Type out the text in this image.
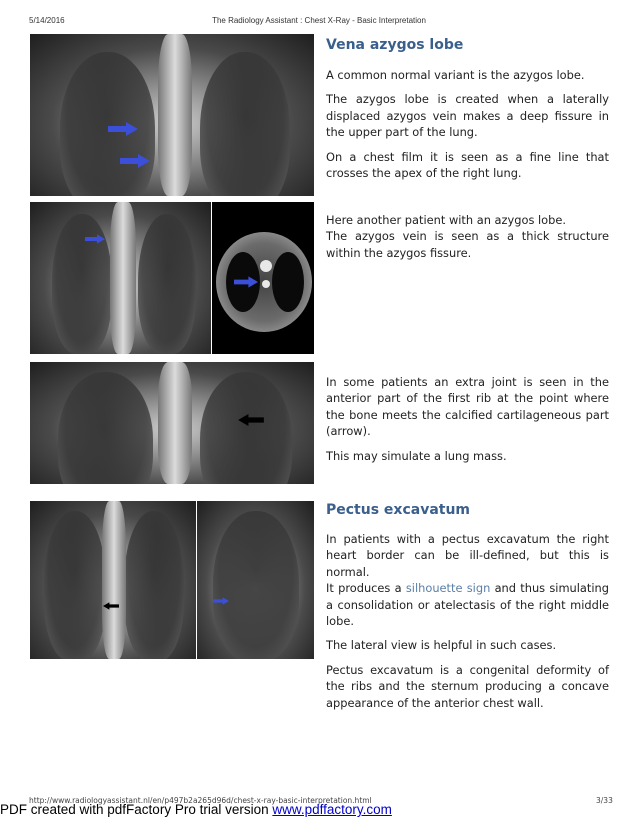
5/14/2016	The Radiology Assistant : Chest X-Ray - Basic Interpretation

Vena azygos lobe

A common normal variant is the azygos lobe.

The azygos lobe is created when a laterally displaced azygos vein makes a deep fissure in the upper part of the lung.

On a chest film it is seen as a fine line that crosses the apex of the right lung.

Here another patient with an azygos lobe.

The azygos vein is seen as a thick structure within the azygos fissure.

In some patients an extra joint is seen in the anterior part of the first rib at the point where the bone meets the calcified cartilageneous part (arrow).

This may simulate a lung mass.

Pectus excavatum

In patients with a pectus excavatum the right heart border can be ill-defined, but this is normal.

It produces a silhouette sign and thus simulating a consolidation or atelectasis of the right middle lobe.

The lateral view is helpful in such cases.

Pectus excavatum is a congenital deformity of the ribs and the sternum producing a concave appearance of the anterior chest wall.

http://www.radiologyassistant.nl/en/p497b2a265d96d/chest-x-ray-basic-interpretation.html	3/33
PDF created with pdfFactory Pro trial version www.pdffactory.com
